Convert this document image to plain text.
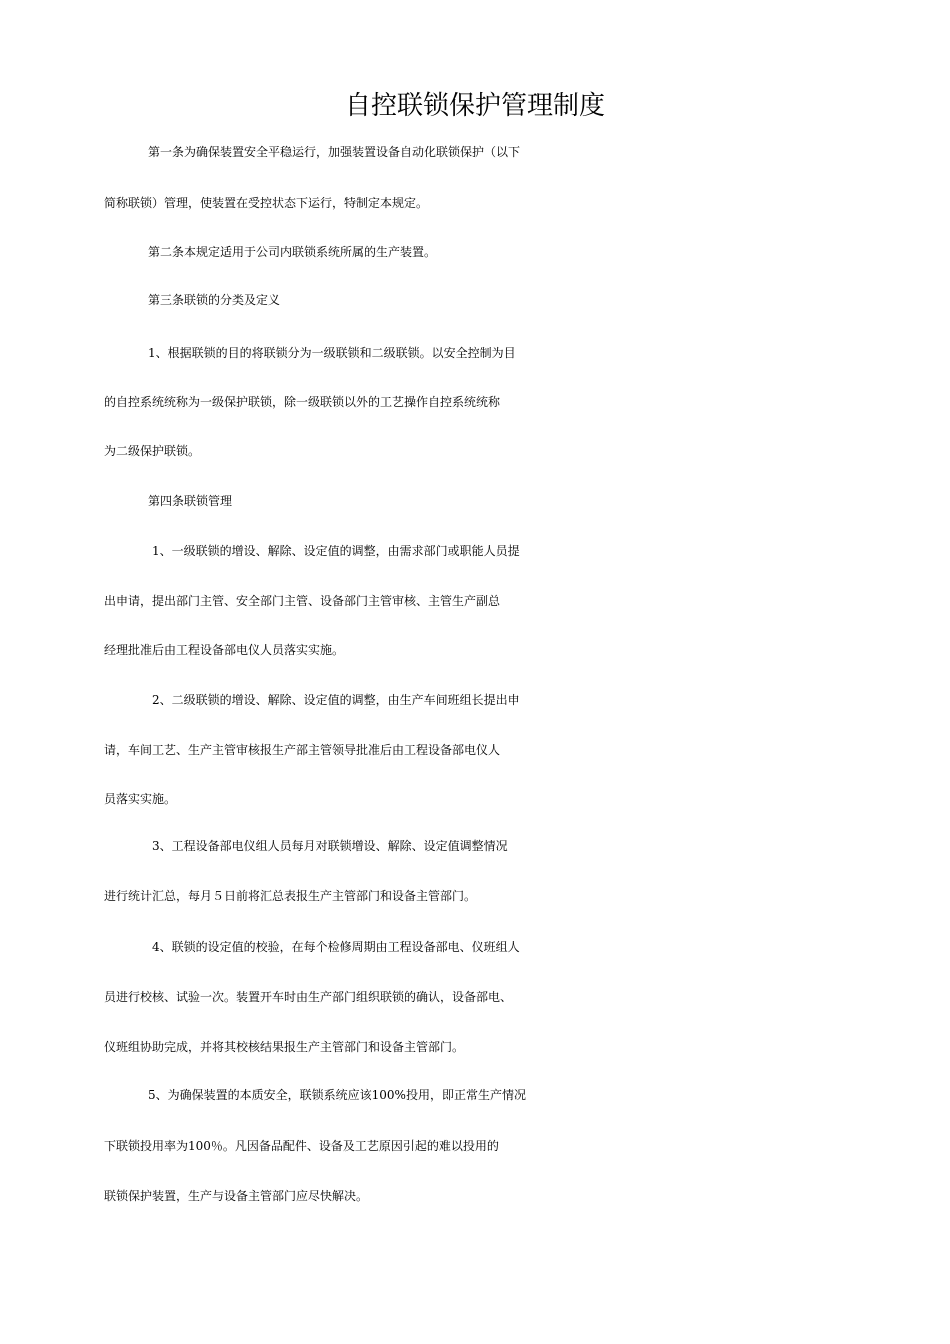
自控联锁保护管理制度
第一条为确保装置安全平稳运行，加强装置设备自动化联锁保护（以下
简称联锁）管理，使装置在受控状态下运行，特制定本规定。
第二条本规定适用于公司内联锁系统所属的生产装置。
第三条联锁的分类及定义
1、根据联锁的目的将联锁分为一级联锁和二级联锁。以安全控制为目
的自控系统统称为一级保护联锁，除一级联锁以外的工艺操作自控系统统称
为二级保护联锁。
第四条联锁管理
1、一级联锁的增设、解除、设定值的调整，由需求部门或职能人员提
出申请，提出部门主管、安全部门主管、设备部门主管审核、主管生产副总
经理批准后由工程设备部电仪人员落实实施。
2、二级联锁的增设、解除、设定值的调整，由生产车间班组长提出申
请，车间工艺、生产主管审核报生产部主管领导批准后由工程设备部电仪人
员落实实施。
3、工程设备部电仪组人员每月对联锁增设、解除、设定值调整情况
进行统计汇总，每月５日前将汇总表报生产主管部门和设备主管部门。
4、联锁的设定值的校验，在每个检修周期由工程设备部电、仪班组人
员进行校核、试验一次。装置开车时由生产部门组织联锁的确认，设备部电、
仪班组协助完成，并将其校核结果报生产主管部门和设备主管部门。
5、为确保装置的本质安全，联锁系统应该100%投用，即正常生产情况
下联锁投用率为100％。凡因备品配件、设备及工艺原因引起的难以投用的
联锁保护装置，生产与设备主管部门应尽快解决。
